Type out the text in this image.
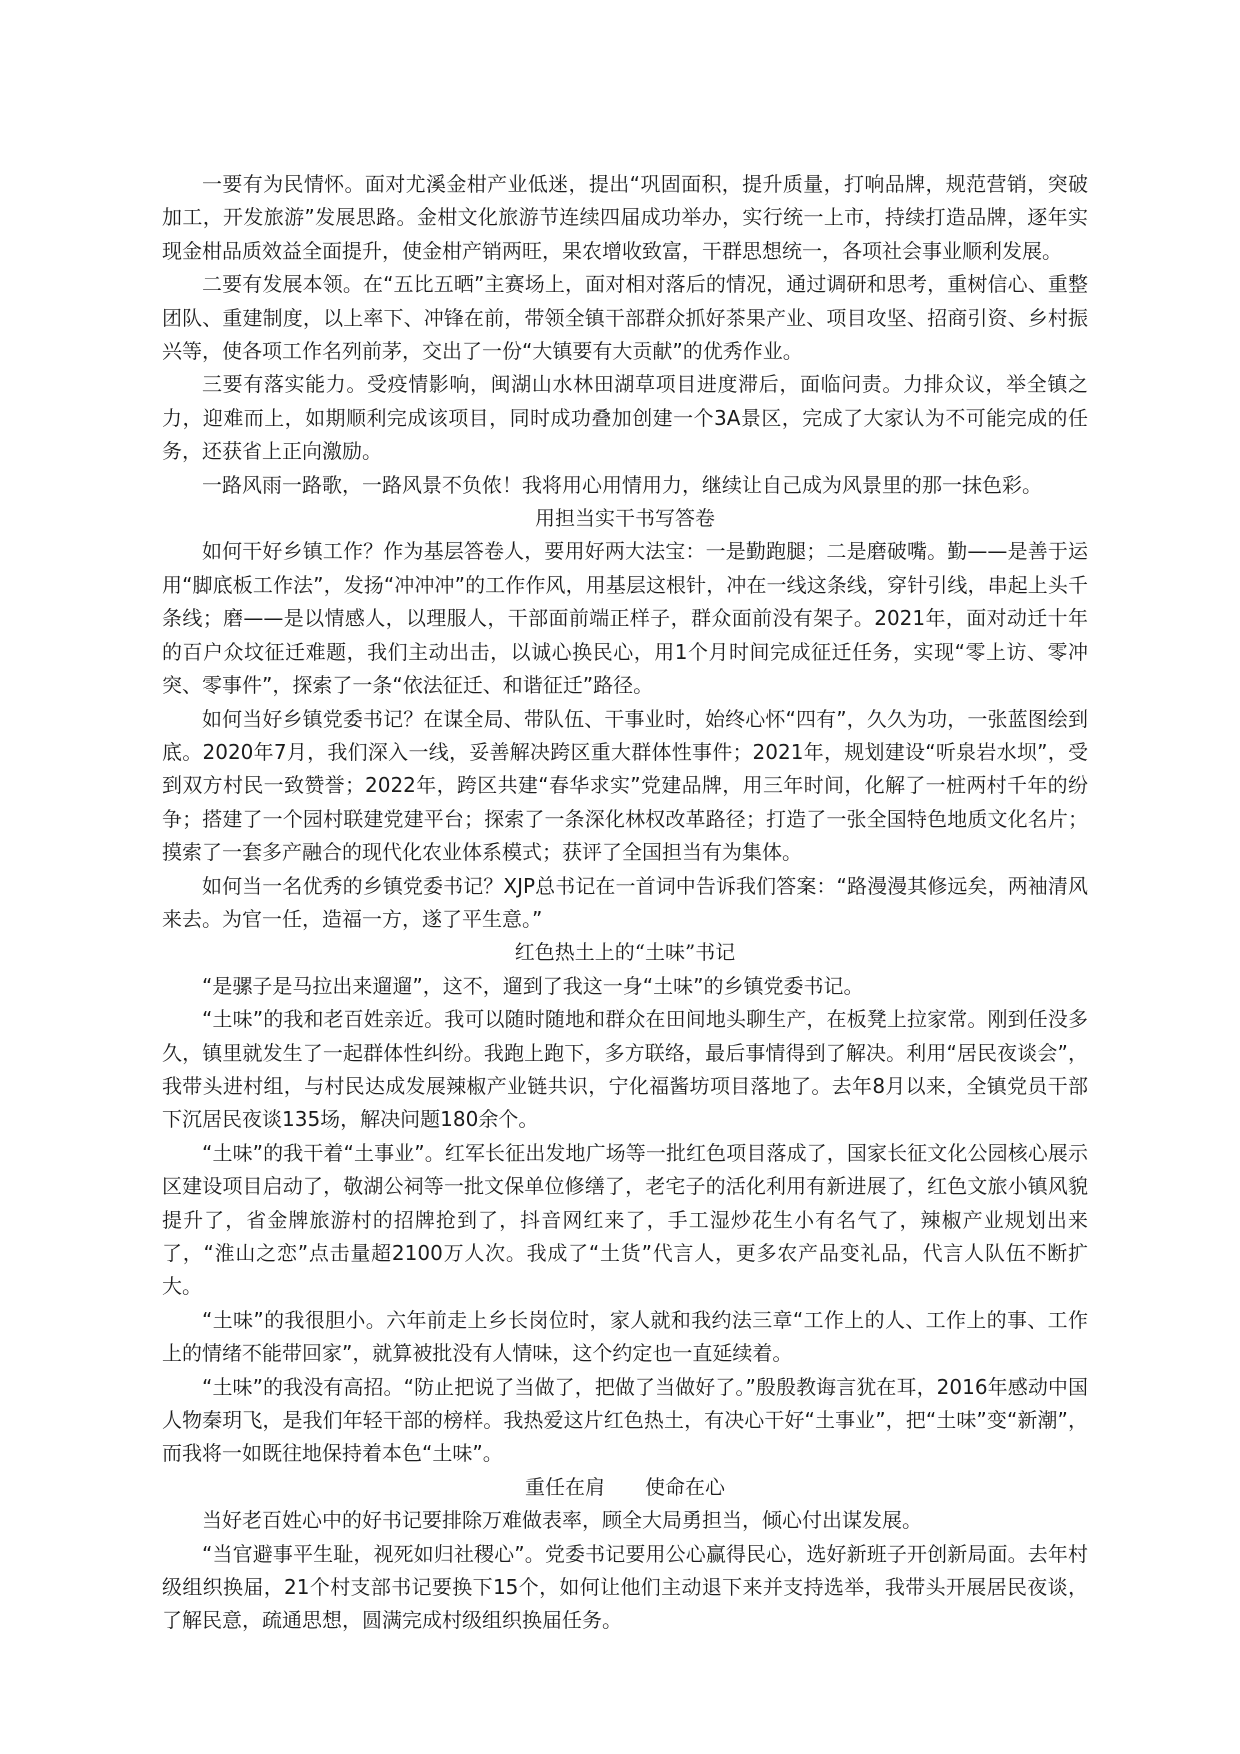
一要有为民情怀。面对尤溪金柑产业低迷，提出“巩固面积，提升质量，打响品牌，规范营销，突破加工，开发旅游”发展思路。金柑文化旅游节连续四届成功举办，实行统一上市，持续打造品牌，逐年实现金柑品质效益全面提升，使金柑产销两旺，果农增收致富，干群思想统一，各项社会事业顺利发展。

二要有发展本领。在“五比五晒”主赛场上，面对相对落后的情况，通过调研和思考，重树信心、重整团队、重建制度，以上率下、冲锋在前，带领全镇干部群众抓好茶果产业、项目攻坚、招商引资、乡村振兴等，使各项工作名列前茅，交出了一份“大镇要有大贡献”的优秀作业。

三要有落实能力。受疫情影响，闽湖山水林田湖草项目进度滞后，面临问责。力排众议，举全镇之力，迎难而上，如期顺利完成该项目，同时成功叠加创建一个3A景区，完成了大家认为不可能完成的任务，还获省上正向激励。

一路风雨一路歌，一路风景不负侬！我将用心用情用力，继续让自己成为风景里的那一抹色彩。

用担当实干书写答卷

如何干好乡镇工作？作为基层答卷人，要用好两大法宝：一是勤跑腿；二是磨破嘴。勤——是善于运用“脚底板工作法”，发扬“冲冲冲”的工作作风，用基层这根针，冲在一线这条线，穿针引线，串起上头千条线；磨——是以情感人，以理服人，干部面前端正样子，群众面前没有架子。2021年，面对动迁十年的百户众坟征迁难题，我们主动出击，以诚心换民心，用1个月时间完成征迁任务，实现“零上访、零冲突、零事件”，探索了一条“依法征迁、和谐征迁”路径。

如何当好乡镇党委书记？在谋全局、带队伍、干事业时，始终心怀“四有”，久久为功，一张蓝图绘到底。2020年7月，我们深入一线，妥善解决跨区重大群体性事件；2021年，规划建设“听泉岩水坝”，受到双方村民一致赞誉；2022年，跨区共建“春华求实”党建品牌，用三年时间，化解了一桩两村千年的纷争；搭建了一个园村联建党建平台；探索了一条深化林权改革路径；打造了一张全国特色地质文化名片；摸索了一套多产融合的现代化农业体系模式；获评了全国担当有为集体。

如何当一名优秀的乡镇党委书记？XJP总书记在一首词中告诉我们答案：“路漫漫其修远矣，两袖清风来去。为官一任，造福一方，遂了平生意。”

红色热土上的“土味”书记

“是骡子是马拉出来遛遛”，这不，遛到了我这一身“土味”的乡镇党委书记。

“土味”的我和老百姓亲近。我可以随时随地和群众在田间地头聊生产，在板凳上拉家常。刚到任没多久，镇里就发生了一起群体性纠纷。我跑上跑下，多方联络，最后事情得到了解决。利用“居民夜谈会”，我带头进村组，与村民达成发展辣椒产业链共识，宁化福酱坊项目落地了。去年8月以来，全镇党员干部下沉居民夜谈135场，解决问题180余个。

“土味”的我干着“土事业”。红军长征出发地广场等一批红色项目落成了，国家长征文化公园核心展示区建设项目启动了，敬湖公祠等一批文保单位修缮了，老宅子的活化利用有新进展了，红色文旅小镇风貌提升了，省金牌旅游村的招牌抢到了，抖音网红来了，手工湿炒花生小有名气了，辣椒产业规划出来了，“淮山之恋”点击量超2100万人次。我成了“土货”代言人，更多农产品变礼品，代言人队伍不断扩大。

“土味”的我很胆小。六年前走上乡长岗位时，家人就和我约法三章“工作上的人、工作上的事、工作上的情绪不能带回家”，就算被批没有人情味，这个约定也一直延续着。

“土味”的我没有高招。“防止把说了当做了，把做了当做好了。”殷殷教诲言犹在耳，2016年感动中国人物秦玥飞，是我们年轻干部的榜样。我热爱这片红色热土，有决心干好“土事业”，把“土味”变“新潮”，而我将一如既往地保持着本色“土味”。

重任在肩　　使命在心

当好老百姓心中的好书记要排除万难做表率，顾全大局勇担当，倾心付出谋发展。

“当官避事平生耻，视死如归社稷心”。党委书记要用公心赢得民心，选好新班子开创新局面。去年村级组织换届，21个村支部书记要换下15个，如何让他们主动退下来并支持选举，我带头开展居民夜谈，了解民意，疏通思想，圆满完成村级组织换届任务。
